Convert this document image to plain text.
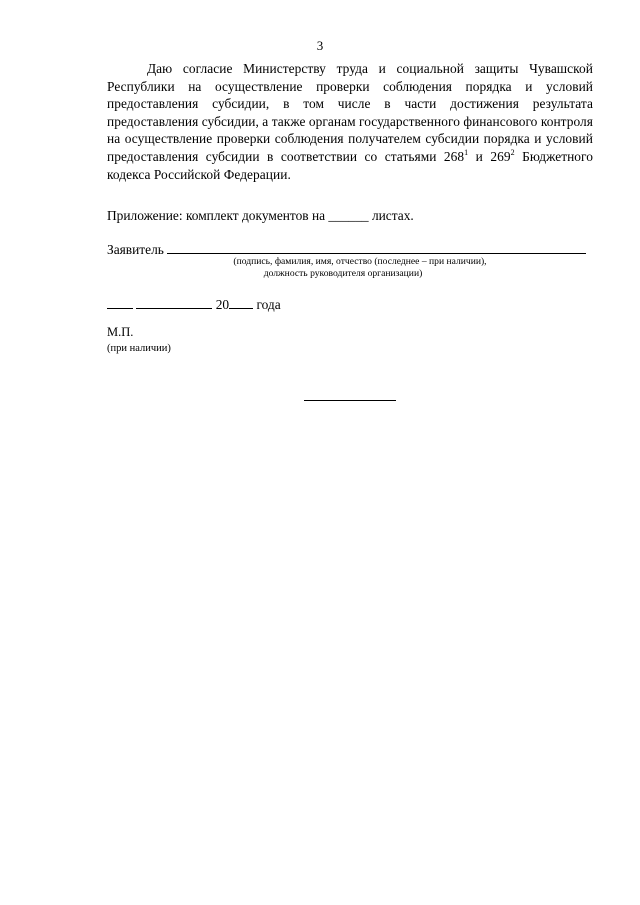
3

Даю согласие Министерству труда и социальной защиты Чувашской Республики на осуществление проверки соблюдения порядка и условий предоставления субсидии, в том числе в части достижения результата предоставления субсидии, а также органам государственного финансового контроля на осуществление проверки соблюдения получателем субсидии порядка и условий предоставления субсидии в соответствии со статьями $268^1$ и $269^2$ Бюджетного кодекса Российской Федерации.

Приложение: комплект документов на ______ листах.
Заявитель
(подпись, фамилия, имя, отчество (последнее – при наличии),
должность руководителя организации)
20 года
М.П.
(при наличии)
